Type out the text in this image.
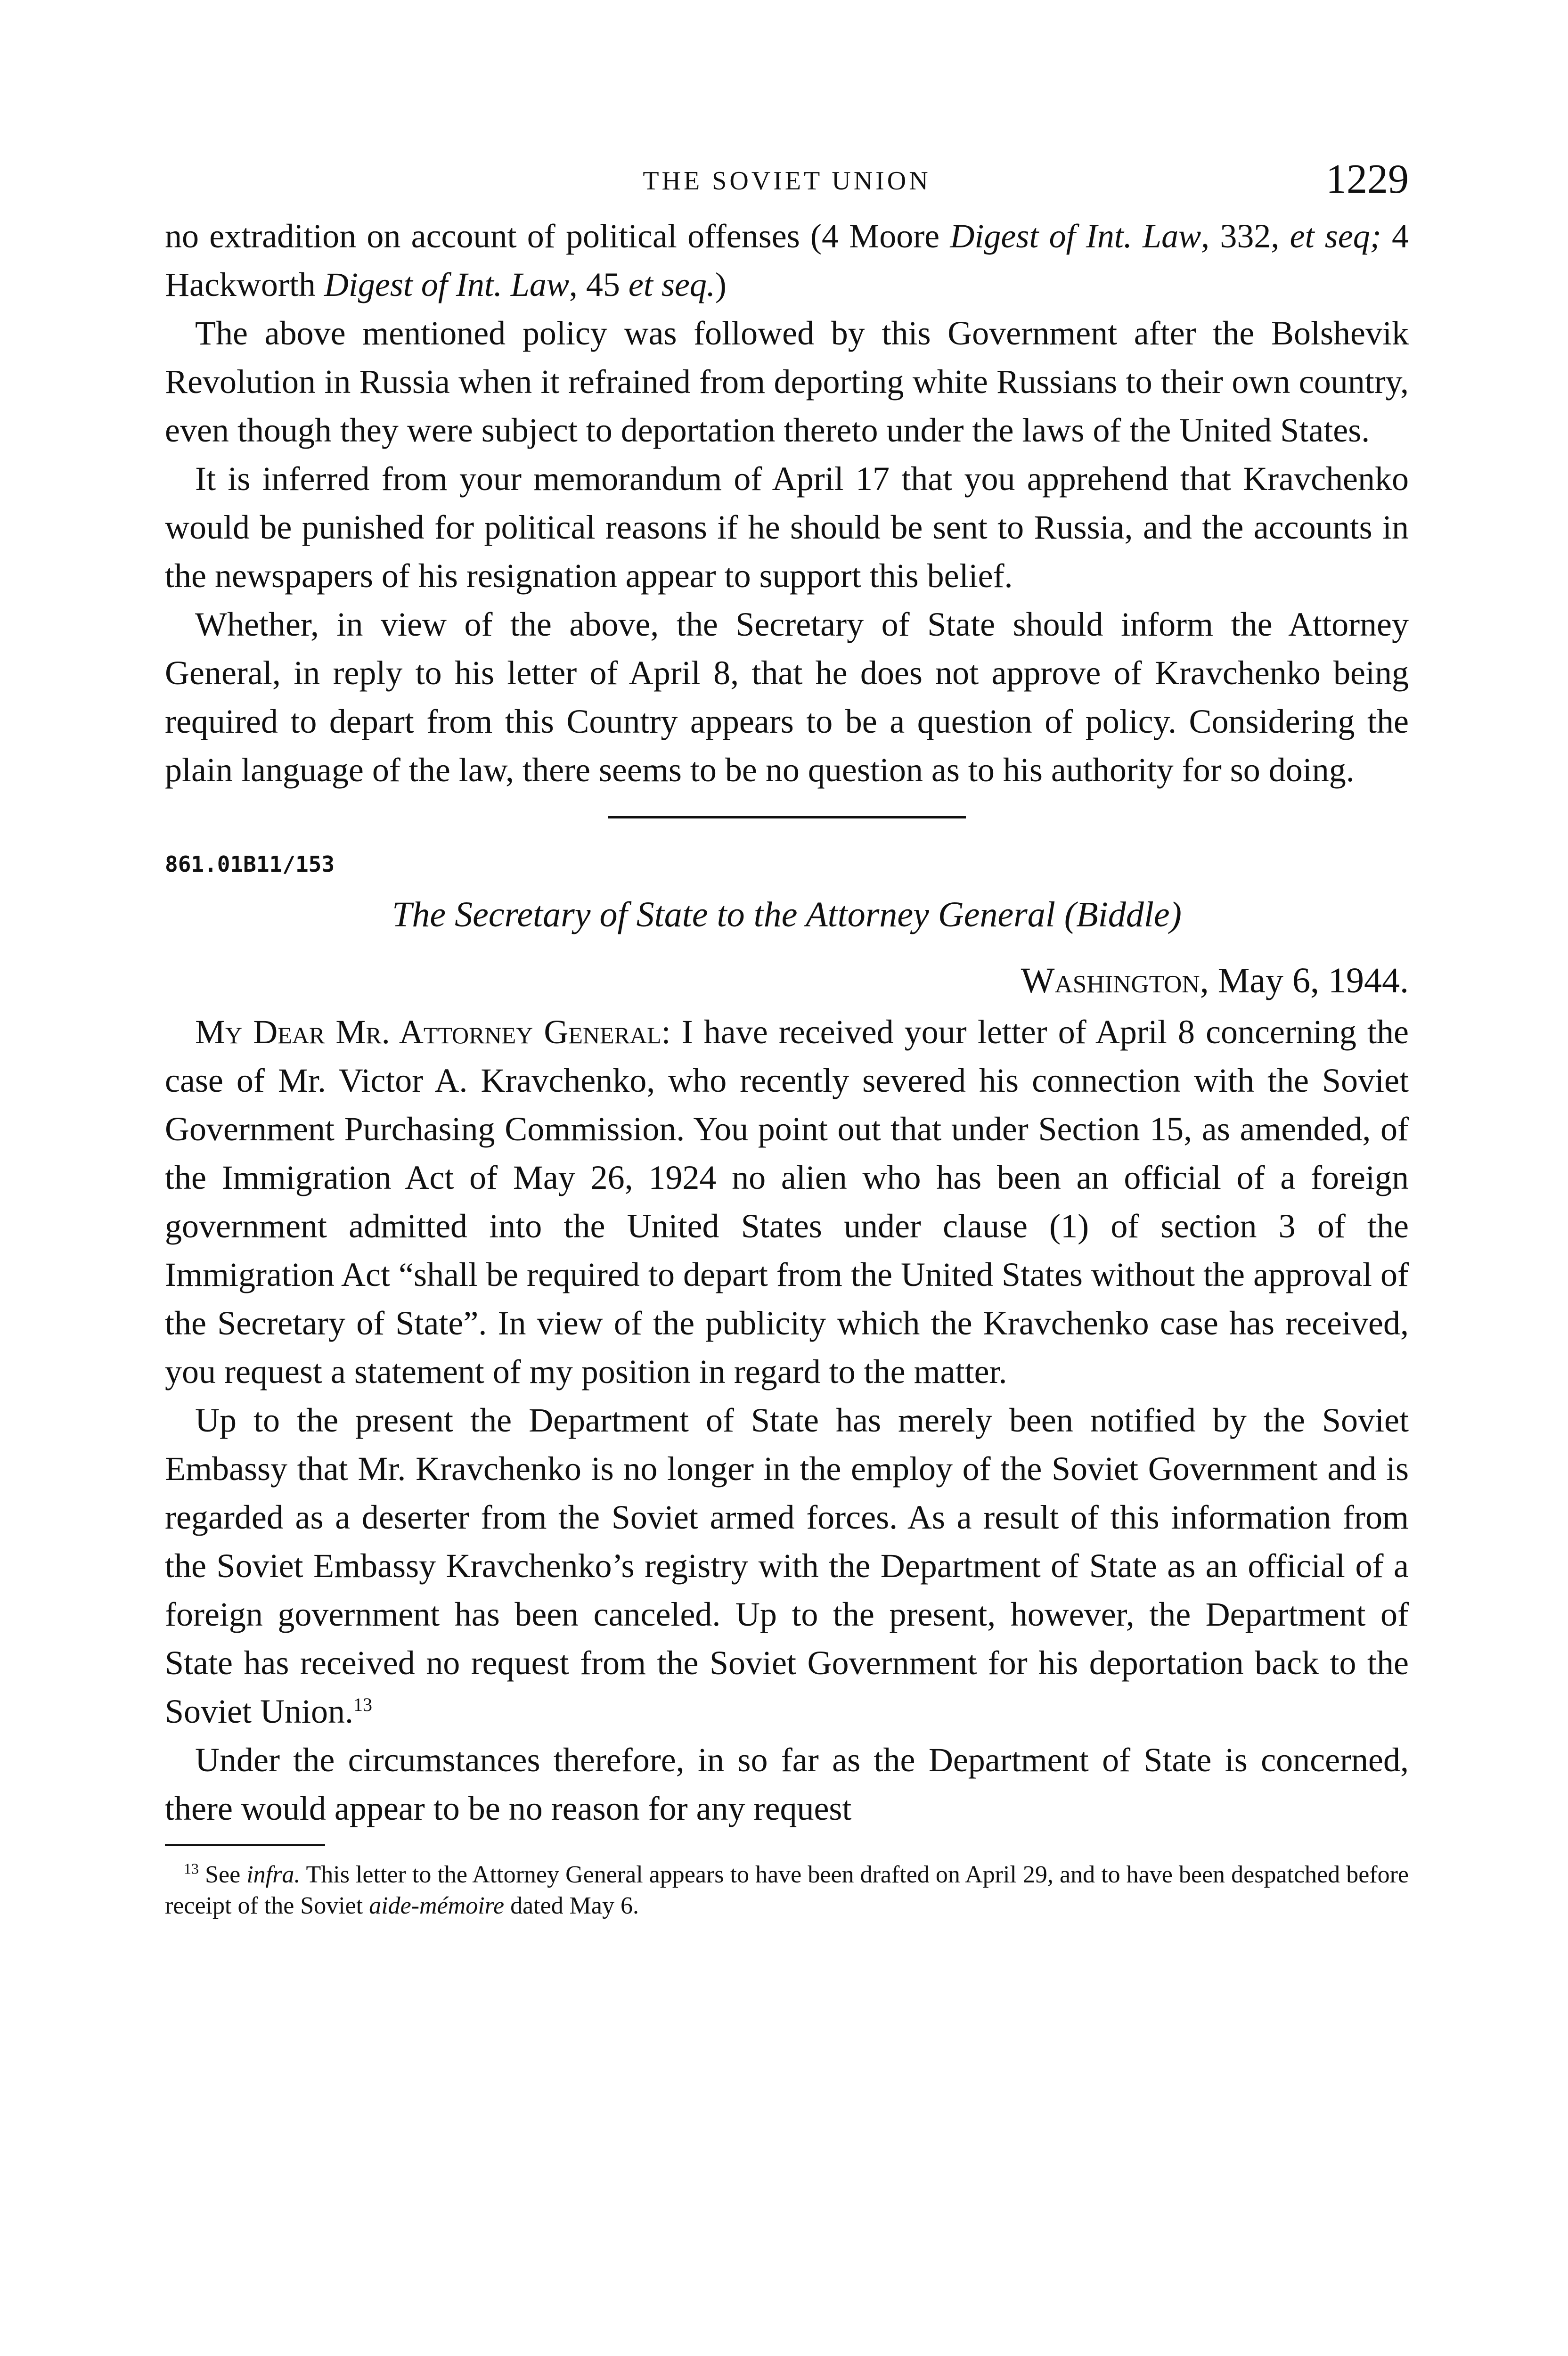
THE SOVIET UNION	1229

no extradition on account of political offenses (4 Moore Digest of Int. Law, 332, et seq; 4 Hackworth Digest of Int. Law, 45 et seq.)

The above mentioned policy was followed by this Government after the Bolshevik Revolution in Russia when it refrained from deporting white Russians to their own country, even though they were subject to deportation thereto under the laws of the United States.

It is inferred from your memorandum of April 17 that you apprehend that Kravchenko would be punished for political reasons if he should be sent to Russia, and the accounts in the newspapers of his resignation appear to support this belief.

Whether, in view of the above, the Secretary of State should inform the Attorney General, in reply to his letter of April 8, that he does not approve of Kravchenko being required to depart from this Country appears to be a question of policy. Considering the plain language of the law, there seems to be no question as to his authority for so doing.

861.01B11/153
The Secretary of State to the Attorney General (Biddle)
Washington, May 6, 1944.

My Dear Mr. Attorney General: I have received your letter of April 8 concerning the case of Mr. Victor A. Kravchenko, who recently severed his connection with the Soviet Government Purchasing Commission. You point out that under Section 15, as amended, of the Immigration Act of May 26, 1924 no alien who has been an official of a foreign government admitted into the United States under clause (1) of section 3 of the Immigration Act “shall be required to depart from the United States without the approval of the Secretary of State”. In view of the publicity which the Kravchenko case has received, you request a statement of my position in regard to the matter.

Up to the present the Department of State has merely been notified by the Soviet Embassy that Mr. Kravchenko is no longer in the employ of the Soviet Government and is regarded as a deserter from the Soviet armed forces. As a result of this information from the Soviet Embassy Kravchenko’s registry with the Department of State as an official of a foreign government has been canceled. Up to the present, however, the Department of State has received no request from the Soviet Government for his deportation back to the Soviet Union.$^{13}$

Under the circumstances therefore, in so far as the Department of State is concerned, there would appear to be no reason for any request

$^{13}$ See infra. This letter to the Attorney General appears to have been drafted on April 29, and to have been despatched before receipt of the Soviet aide-mémoire dated May 6.
